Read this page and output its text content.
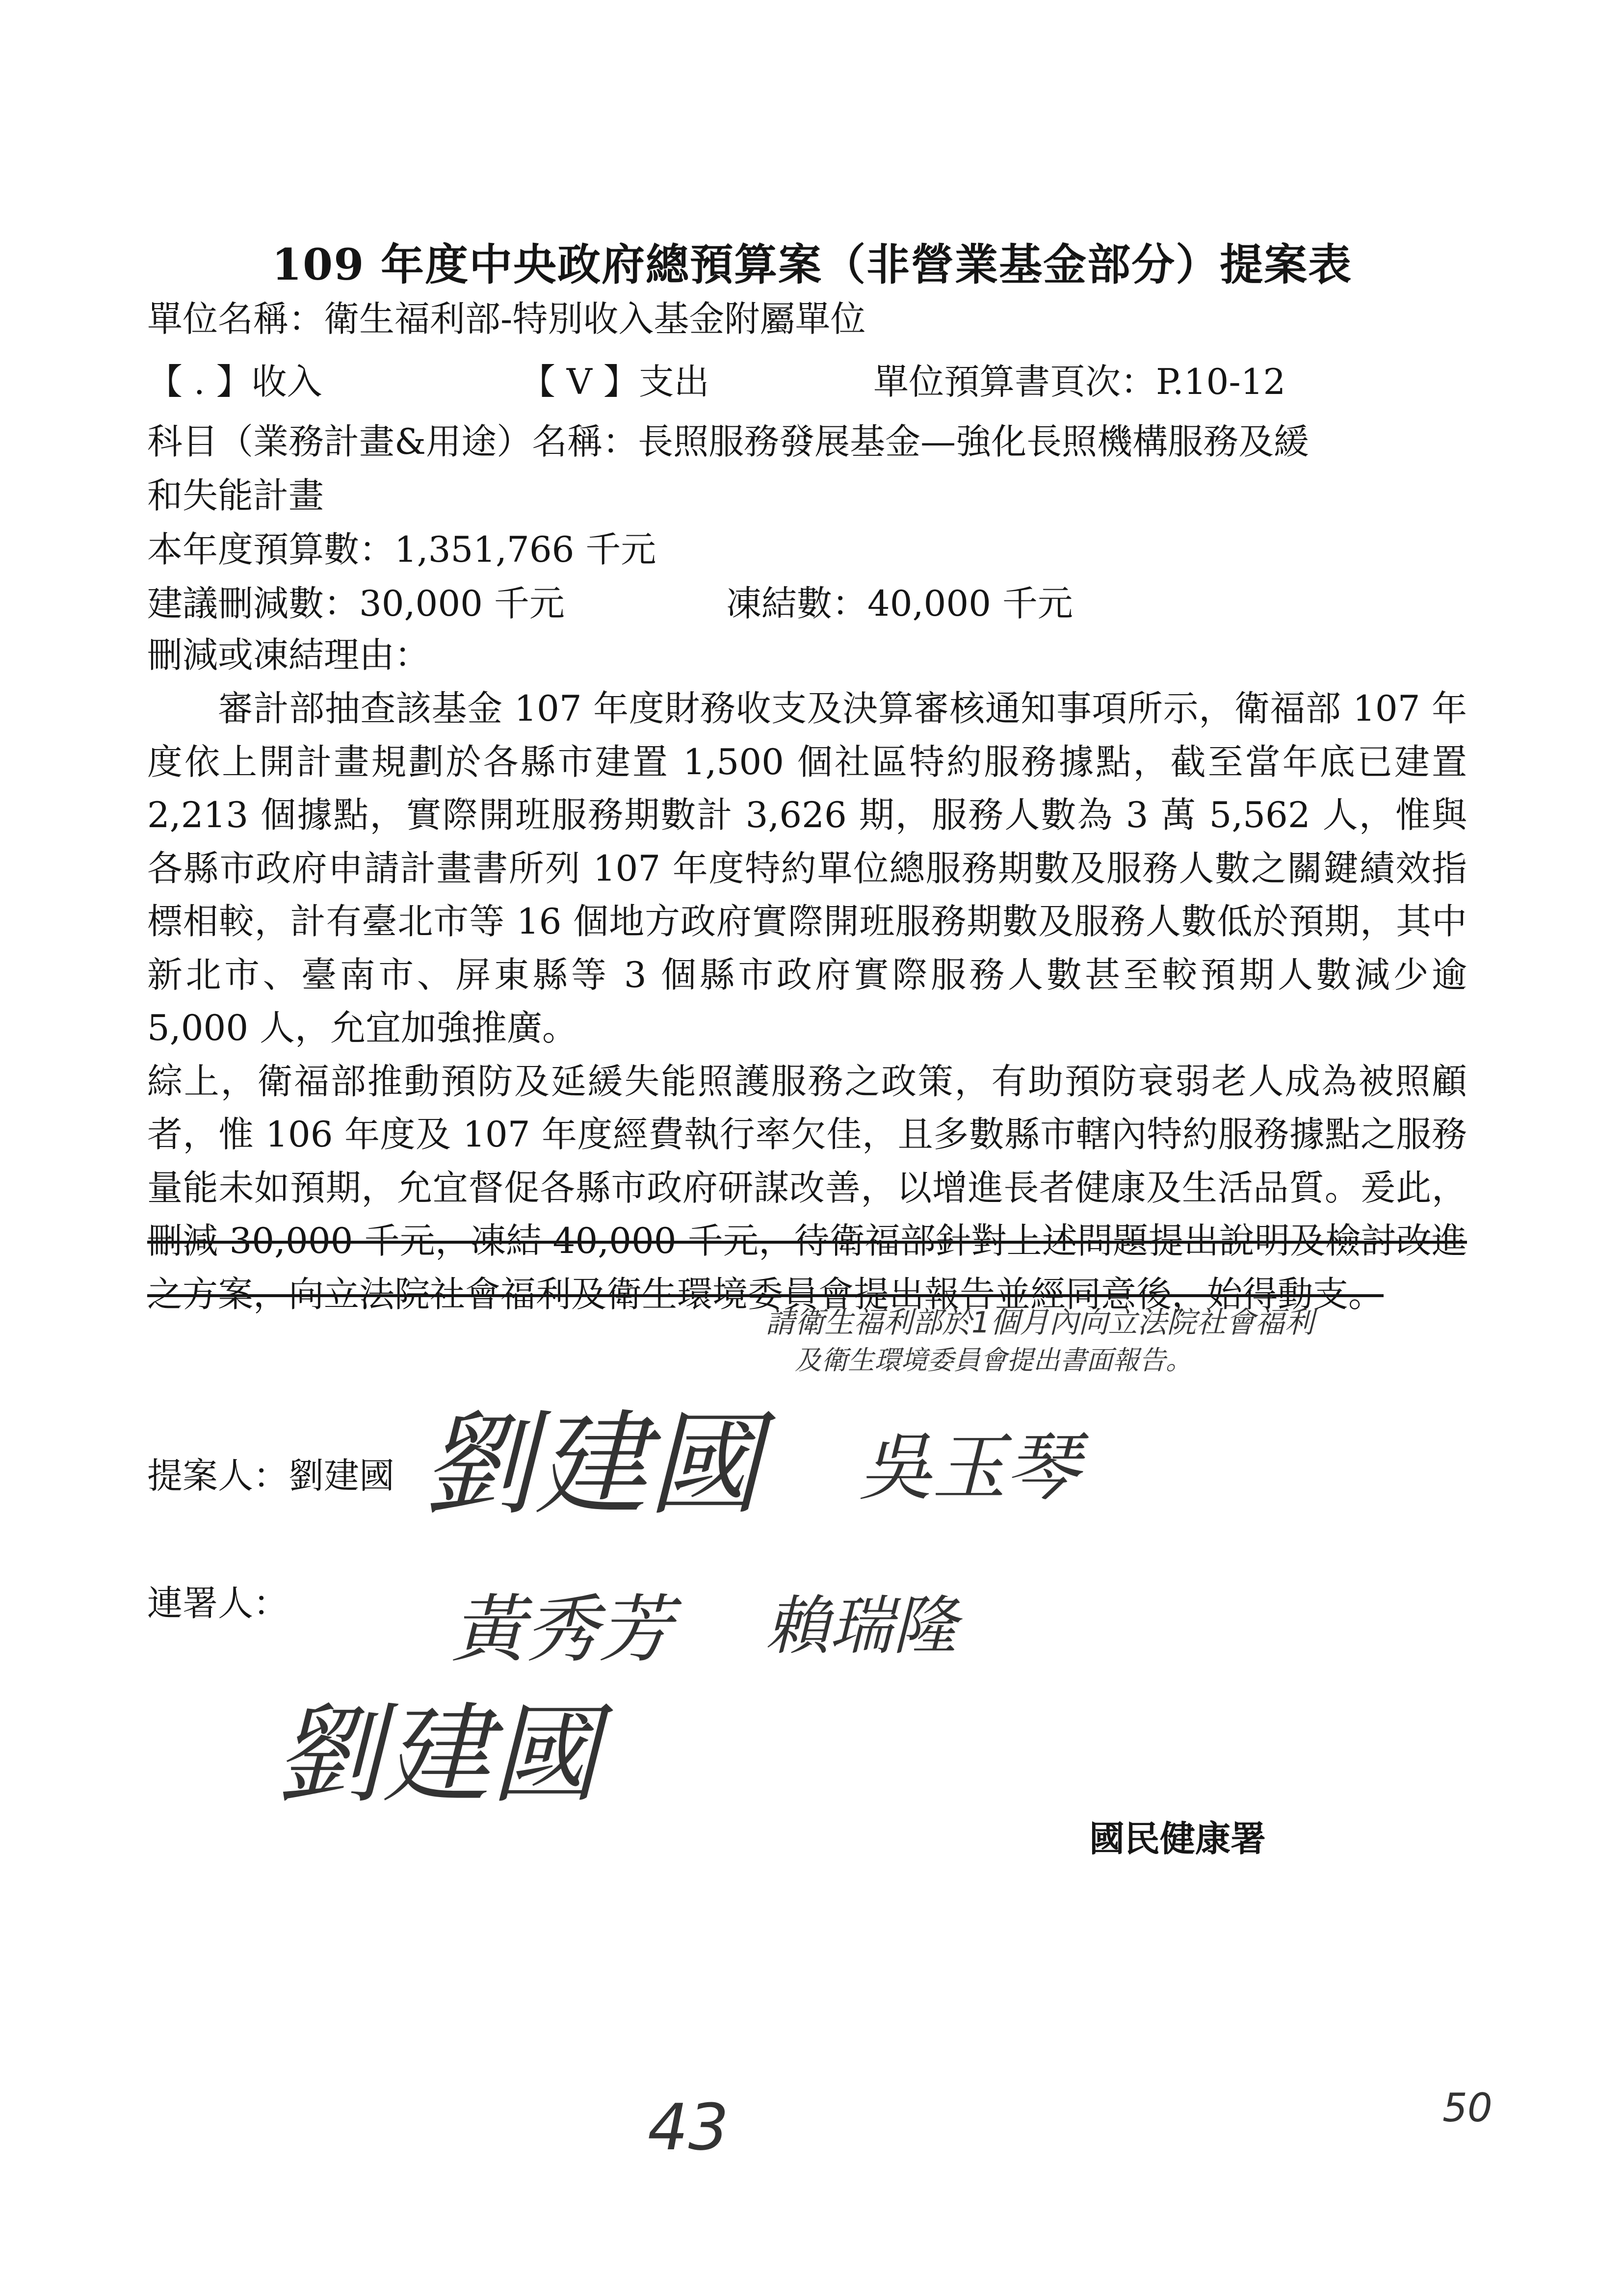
109 年度中央政府總預算案（非營業基金部分）提案表
單位名稱：衛生福利部-特別收入基金附屬單位
【 . 】收入	【 V 】支出	單位預算書頁次：P.10-12
科目（業務計畫&用途）名稱：長照服務發展基金—強化長照機構服務及緩
和失能計畫
本年度預算數：1,351,766 千元
建議刪減數：30,000 千元	凍結數：40,000 千元
刪減或凍結理由：

審計部抽查該基金 107 年度財務收支及決算審核通知事項所示，衛福部 107 年度依上開計畫規劃於各縣市建置 1,500 個社區特約服務據點，截至當年底已建置 2,213 個據點，實際開班服務期數計 3,626 期，服務人數為 3 萬 5,562 人，惟與各縣市政府申請計畫書所列 107 年度特約單位總服務期數及服務人數之關鍵績效指標相較，計有臺北市等 16 個地方政府實際開班服務期數及服務人數低於預期，其中新北市、臺南市、屏東縣等 3 個縣市政府實際服務人數甚至較預期人數減少逾 5,000 人，允宜加強推廣。

綜上，衛福部推動預防及延緩失能照護服務之政策，有助預防衰弱老人成為被照顧者，惟 106 年度及 107 年度經費執行率欠佳，且多數縣市轄內特約服務據點之服務量能未如預期，允宜督促各縣市政府研謀改善，以增進長者健康及生活品質。爰此，刪減 30,000 千元，凍結 40,000 千元，待衛福部針對上述問題提出說明及檢討改進之方案，向立法院社會福利及衛生環境委員會提出報告並經同意後，始得動支。

請衛生福利部於1個月內向立法院社會福利
及衛生環境委員會提出書面報告。
提案人：劉建國
連署人：
劉建國 吳玉琴
黃秀芳 賴瑞隆
劉建國
國民健康署
43	50
